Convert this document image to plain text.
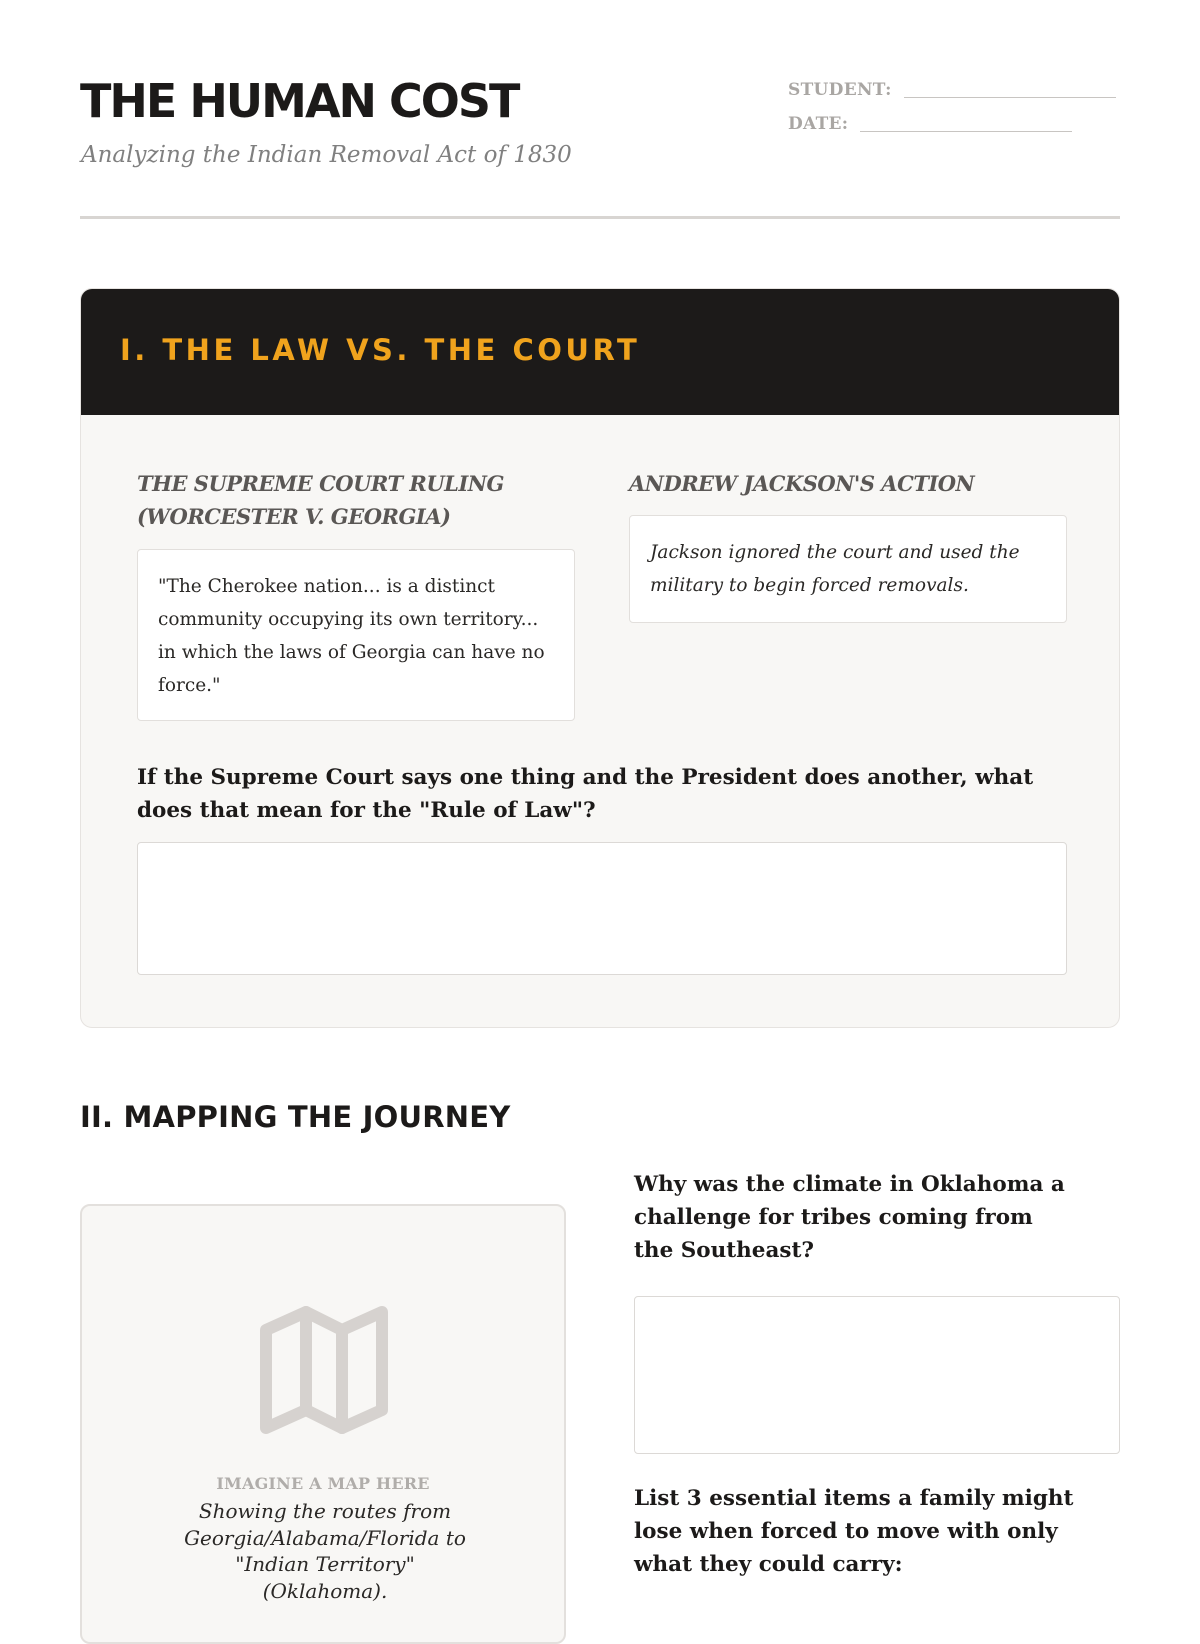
THE HUMAN COST

Analyzing the Indian Removal Act of 1830

STUDENT:
DATE:
I. THE LAW VS. THE COURT
THE SUPREME COURT RULING (WORCESTER V. GEORGIA)
"The Cherokee nation... is a distinct community occupying its own territory... in which the laws of Georgia can have no force."
ANDREW JACKSON'S ACTION
Jackson ignored the court and used the military to begin forced removals.

If the Supreme Court says one thing and the President does another, what does that mean for the "Rule of Law"?

II. MAPPING THE JOURNEY

IMAGINE A MAP HERE

Showing the routes from Georgia/Alabama/Florida to "Indian Territory" (Oklahoma).

Why was the climate in Oklahoma a challenge for tribes coming from the Southeast?

List 3 essential items a family might lose when forced to move with only what they could carry:
